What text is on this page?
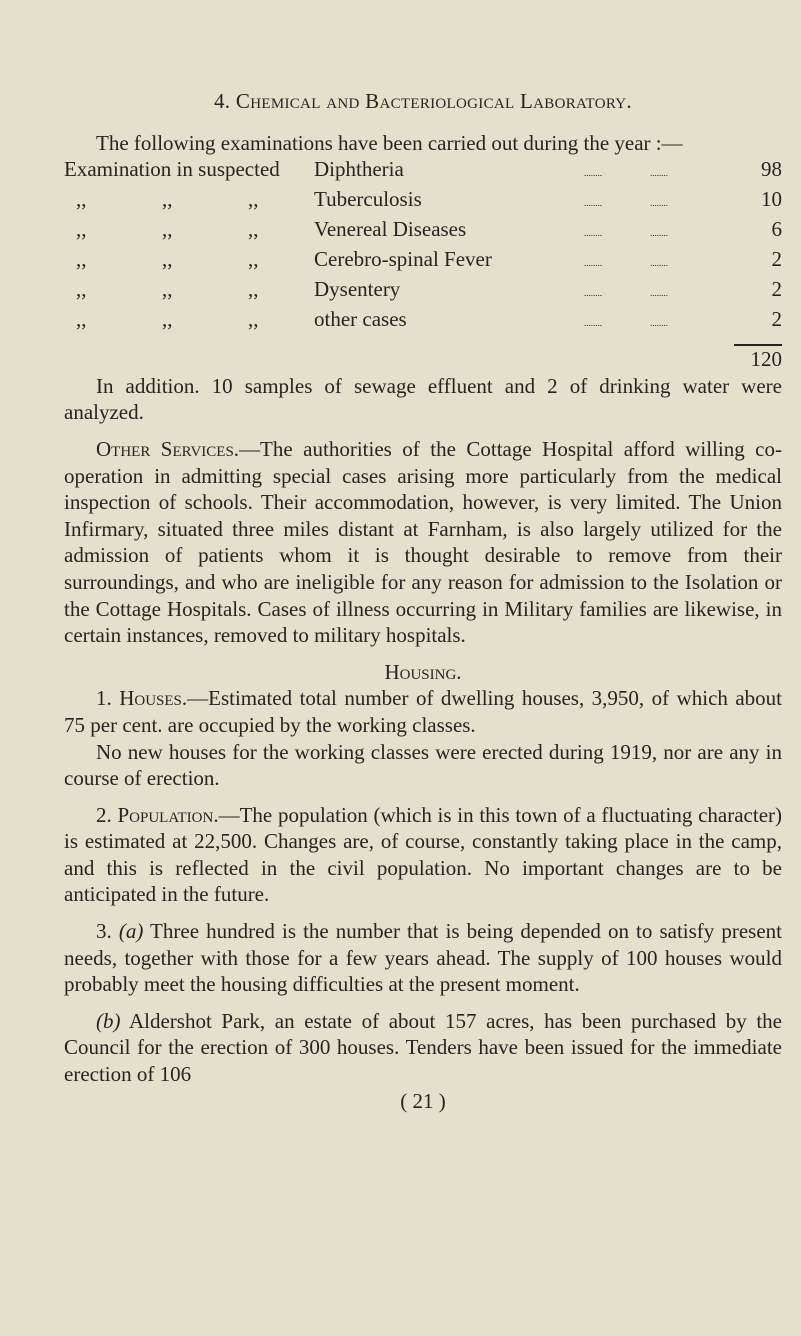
4. Chemical and Bacteriological Laboratory.

The following examinations have been carried out during the year :—

Examination in suspected	Diphtheria	........	........	98
,, ,, ,,	Tuberculosis	........	........	10
,, ,, ,,	Venereal Diseases	........	........	6
,, ,, ,,	Cerebro-spinal Fever	........	........	2
,, ,, ,,	Dysentery	........	........	2
,, ,, ,,	other cases	........	........	2
120

In addition. 10 samples of sewage effluent and 2 of drinking water were analyzed.

Other Services.—The authorities of the Cottage Hospital afford willing co-operation in admitting special cases arising more particularly from the medical inspection of schools. Their accommodation, however, is very limited. The Union Infirmary, situated three miles distant at Farnham, is also largely utilized for the admission of patients whom it is thought desirable to remove from their surroundings, and who are ineligible for any reason for admission to the Isolation or the Cottage Hospitals. Cases of illness occurring in Military families are likewise, in certain instances, removed to military hospitals.

Housing.

1. Houses.—Estimated total number of dwelling houses, 3,950, of which about 75 per cent. are occupied by the working classes.

No new houses for the working classes were erected during 1919, nor are any in course of erection.

2. Population.—The population (which is in this town of a fluctuating character) is estimated at 22,500. Changes are, of course, constantly taking place in the camp, and this is reflected in the civil population. No important changes are to be anticipated in the future.

3. (a) Three hundred is the number that is being depended on to satisfy present needs, together with those for a few years ahead. The supply of 100 houses would probably meet the housing difficulties at the present moment.

(b) Aldershot Park, an estate of about 157 acres, has been purchased by the Council for the erection of 300 houses. Tenders have been issued for the immediate erection of 106

( 21 )
